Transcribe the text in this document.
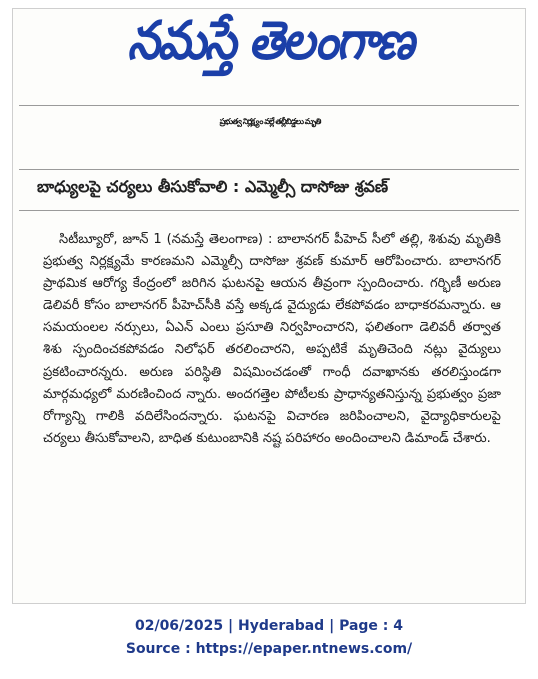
నమస్తే తెలంగాణ
ప్రభుత్వ నిర్లక్ష్యం వల్లే తల్లీబిడ్డలు మృతి
బాధ్యులపై చర్యలు తీసుకోవాలి : ఎమ్మెల్సీ దాసోజు శ్రవణ్

సిటీబ్యూరో, జూన్ 1 (నమస్తే తెలంగాణ) : బాలానగర్ పీహెచ్ సీలో తల్లి, శిశువు మృతికి ప్రభుత్వ నిర్లక్ష్యమే కారణమని ఎమ్మెల్సీ దాసోజు శ్రవణ్ కుమార్ ఆరోపించారు. బాలానగర్ ప్రాథమిక ఆరోగ్య కేంద్రంలో జరిగిన ఘటనపై ఆయన తీవ్రంగా స్పందించారు. గర్భిణీ అరుణ డెలివరీ కోసం బాలానగర్ పీహెచ్‌సీకి వస్తే అక్కడ వైద్యుడు లేకపోవడం బాధాకరమన్నారు. ఆ సమయంలల నర్సులు, ఏఎన్ ఎంలు ప్రసూతి నిర్వహించారని, ఫలితంగా డెలివరీ తర్వాత శిశు స్పందించకపోవడం నిలోఫర్ తరలించారని, అప్పటికే మృతిచెంది నట్లు వైద్యులు ప్రకటించారన్నరు. అరుణ పరిస్థితి విషమించడంతో గాంధీ దవాఖానకు తరలిస్తుండగా మార్గమధ్యలో మరణించింద న్నారు. అందగత్తెల పోటీలకు ప్రాధాన్యతనిస్తున్న ప్రభుత్వం ప్రజా రోగ్యాన్ని గాలికి వదిలేసిందన్నారు. ఘటనపై విచారణ జరిపించాలని, వైద్యాధికారులపై చర్యలు తీసుకోవాలని, బాధిత కుటుంబానికి నష్ట పరిహారం అందించాలని డిమాండ్ చేశారు.

02/06/2025 | Hyderabad | Page : 4
Source : https://epaper.ntnews.com/
